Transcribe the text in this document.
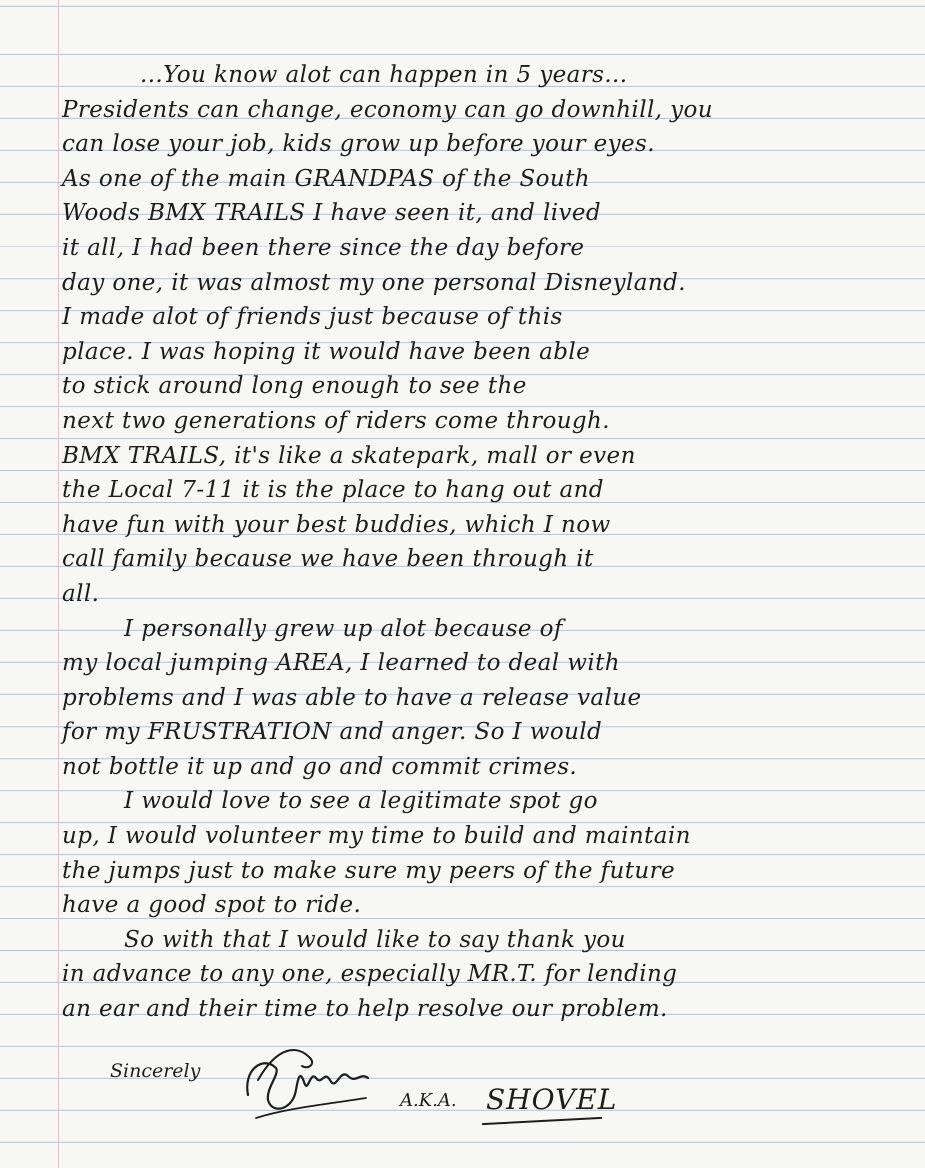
...You know alot can happen in 5 years...
Presidents can change, economy can go downhill, you
can lose your job, kids grow up before your eyes.
As one of the main GRANDPAS of the South
Woods BMX TRAILS I have seen it, and lived
it all, I had been there since the day before
day one, it was almost my one personal Disneyland.
I made alot of friends just because of this
place. I was hoping it would have been able
to stick around long enough to see the
next two generations of riders come through.
BMX TRAILS, it's like a skatepark, mall or even
the Local 7-11 it is the place to hang out and
have fun with your best buddies, which I now
call family because we have been through it
all.
I personally grew up alot because of
my local jumping AREA, I learned to deal with
problems and I was able to have a release value
for my FRUSTRATION and anger. So I would
not bottle it up and go and commit crimes.
I would love to see a legitimate spot go
up, I would volunteer my time to build and maintain
the jumps just to make sure my peers of the future
have a good spot to ride.
So with that I would like to say thank you
in advance to any one, especially MR.T. for lending
an ear and their time to help resolve our problem.
Sincerely
A.K.A. SHOVEL
